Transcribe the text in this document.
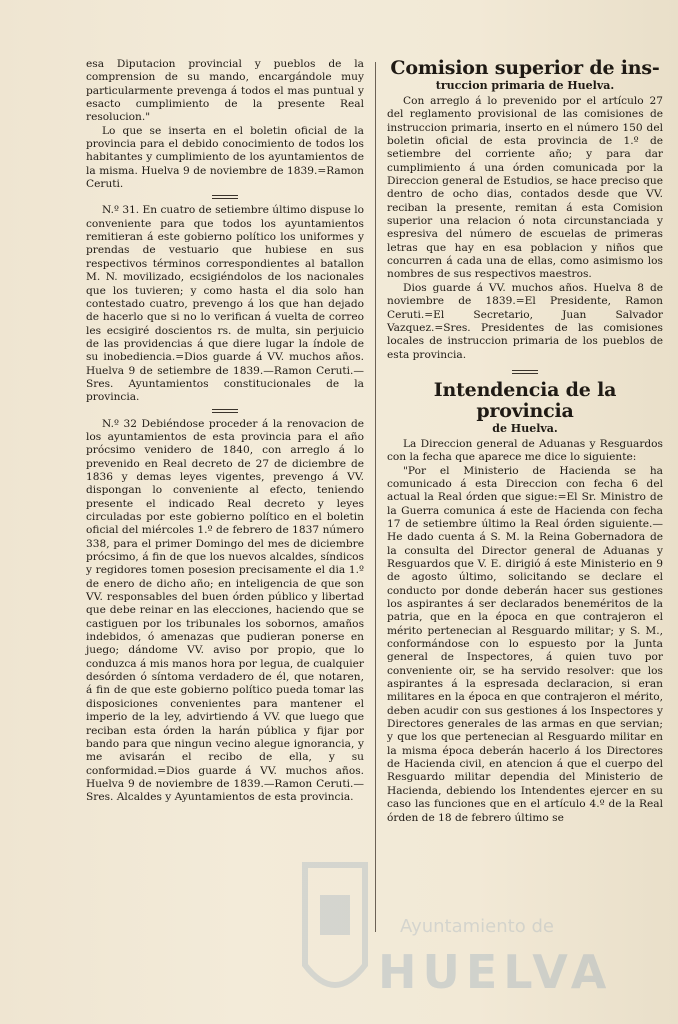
esa Diputacion provincial y pueblos de la comprension de su mando, encargándole muy particularmente prevenga á todos el mas puntual y esacto cumplimiento de la presente Real resolucion."

Lo que se inserta en el boletin oficial de la provincia para el debido conocimiento de todos los habitantes y cumplimiento de los ayuntamientos de la misma. Huelva 9 de noviembre de 1839.=Ramon Ceruti.

N.º 31. En cuatro de setiembre último dispuse lo conveniente para que todos los ayuntamientos remitieran á este gobierno político los uniformes y prendas de vestuario que hubiese en sus respectivos términos correspondientes al batallon M. N. movilizado, ecsigiéndolos de los nacionales que los tuvieren; y como hasta el dia solo han contestado cuatro, prevengo á los que han dejado de hacerlo que si no lo verifican á vuelta de correo les ecsigiré doscientos rs. de multa, sin perjuicio de las providencias á que diere lugar la índole de su inobediencia.=Dios guarde á VV. muchos años. Huelva 9 de setiembre de 1839.—Ramon Ceruti.—Sres. Ayuntamientos constitucionales de la provincia.

N.º 32 Debiéndose proceder á la renovacion de los ayuntamientos de esta provincia para el año prócsimo venidero de 1840, con arreglo á lo prevenido en Real decreto de 27 de diciembre de 1836 y demas leyes vigentes, prevengo á VV. dispongan lo conveniente al efecto, teniendo presente el indicado Real decreto y leyes circuladas por este gobierno político en el boletin oficial del miércoles 1.º de febrero de 1837 número 338, para el primer Domingo del mes de diciembre prócsimo, á fin de que los nuevos alcaldes, síndicos y regidores tomen posesion precisamente el dia 1.º de enero de dicho año; en inteligencia de que son VV. responsables del buen órden público y libertad que debe reinar en las elecciones, haciendo que se castiguen por los tribunales los sobornos, amaños indebidos, ó amenazas que pudieran ponerse en juego; dándome VV. aviso por propio, que lo conduzca á mis manos hora por legua, de cualquier desórden ó síntoma verdadero de él, que notaren, á fin de que este gobierno político pueda tomar las disposiciones convenientes para mantener el imperio de la ley, advirtiendo á VV. que luego que reciban esta órden la harán pública y fijar por bando para que ningun vecino alegue ignorancia, y me avisarán el recibo de ella, y su conformidad.=Dios guarde á VV. muchos años. Huelva 9 de noviembre de 1839.—Ramon Ceruti.—Sres. Alcaldes y Ayuntamientos de esta provincia.

Comision superior de ins-
truccion primaria de Huelva.

Con arreglo á lo prevenido por el artículo 27 del reglamento provisional de las comisiones de instruccion primaria, inserto en el número 150 del boletin oficial de esta provincia de 1.º de setiembre del corriente año; y para dar cumplimiento á una órden comunicada por la Direccion general de Estudios, se hace preciso que dentro de ocho dias, contados desde que VV. reciban la presente, remitan á esta Comision superior una relacion ó nota circunstanciada y espresiva del número de escuelas de primeras letras que hay en esa poblacion y niños que concurren á cada una de ellas, como asimismo los nombres de sus respectivos maestros.

Dios guarde á VV. muchos años. Huelva 8 de noviembre de 1839.=El Presidente, Ramon Ceruti.=El Secretario, Juan Salvador Vazquez.=Sres. Presidentes de las comisiones locales de instruccion primaria de los pueblos de esta provincia.

Intendencia de la provincia
de Huelva.

La Direccion general de Aduanas y Resguardos con la fecha que aparece me dice lo siguiente:

"Por el Ministerio de Hacienda se ha comunicado á esta Direccion con fecha 6 del actual la Real órden que sigue:=El Sr. Ministro de la Guerra comunica á este de Hacienda con fecha 17 de setiembre último la Real órden siguiente.—He dado cuenta á S. M. la Reina Gobernadora de la consulta del Director general de Aduanas y Resguardos que V. E. dirigió á este Ministerio en 9 de agosto último, solicitando se declare el conducto por donde deberán hacer sus gestiones los aspirantes á ser declarados beneméritos de la patria, que en la época en que contrajeron el mérito pertenecian al Resguardo militar; y S. M., conformándose con lo espuesto por la Junta general de Inspectores, á quien tuvo por conveniente oir, se ha servido resolver: que los aspirantes á la espresada declaracion, si eran militares en la época en que contrajeron el mérito, deben acudir con sus gestiones á los Inspectores y Directores generales de las armas en que servian; y que los que pertenecian al Resguardo militar en la misma época deberán hacerlo á los Directores de Hacienda civil, en atencion á que el cuerpo del Resguardo militar dependia del Ministerio de Hacienda, debiendo los Intendentes ejercer en su caso las funciones que en el artículo 4.º de la Real órden de 18 de febrero último se

Ayuntamiento de
HUELVA
